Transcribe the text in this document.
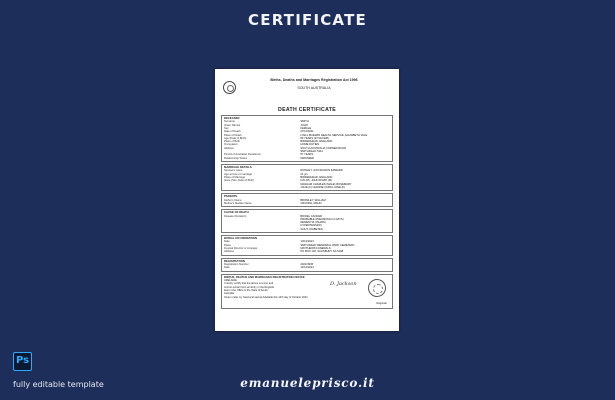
CERTIFICATE
Births, Deaths and Marriages Registration Act 1996
SOUTH AUSTRALIA
DEATH CERTIFICATE
DECEASED
Surname	SMITH
Given Names	JOHN
Sex	FEMALE
Date of Death	27/11/2021
Place of Death	LYELL MCEWIN HEALTH SERVICE, ELIZABETH VALE
Age (Date of Birth)	83 YEARS (27/11/1938)
Place of Birth	BIRKENHEAD, ENGLAND
Occupation	HOME DUTIES
Address	SOUTH AUSTRALIA CORNER ROAD
SMITHFIELD 5114
Period of Australian Residence	57 YEARS
Relationship Status	WIDOWED
MARRIAGE DETAILS
Spouse's name	ROWLEY, IAN FRANCIS EDWARD
Age at time of marriage	21 yrs
Place of Marriage	BIRKENHEAD, ENGLAND
Issue (Sex, Date of Birth)	IAN (M), JOHN DAVID (M)
GRAHAM CHARLES (MALE) ROSEMARY
JULIE (F) LEANNE CAROL JANE (F)
PARENTS
Father's Name	BROMLEY, WILLIAM
Mother's Maiden Name	CROOKE, MAUD
CAUSE OF DEATH
Disease (Duration)	BOWEL CANCER
PROBABLE PNEUMONIA (2 DAYS)
DEMENTIA (YEARS)
HYPERTENSION
GOUT, DIABETES
BURIAL OR CREMATION
Date	13/12/2021
Place	SMITHFIELD MEMORIAL PARK CEMETERY
Funeral Director or Arranger	MATTHEWS FUNERALS
Address	PO BOX 118, SALISBURY SA 5108
REGISTRATION
Registration Number	2021/3945
Date	14/12/2021
BIRTHS, DEATHS AND MARRIAGES REGISTRATION OFFICE
ADELAIDE
I hereby certify that the above is a true and
correct extract from an Entry in the Register
kept in the Office in the State of South
Australia
Given under my hand and seal at Adelaide this 14th day of October 2021
D. Jackson
Registrar
Ps
fully editable template	emanueleprisco.it
